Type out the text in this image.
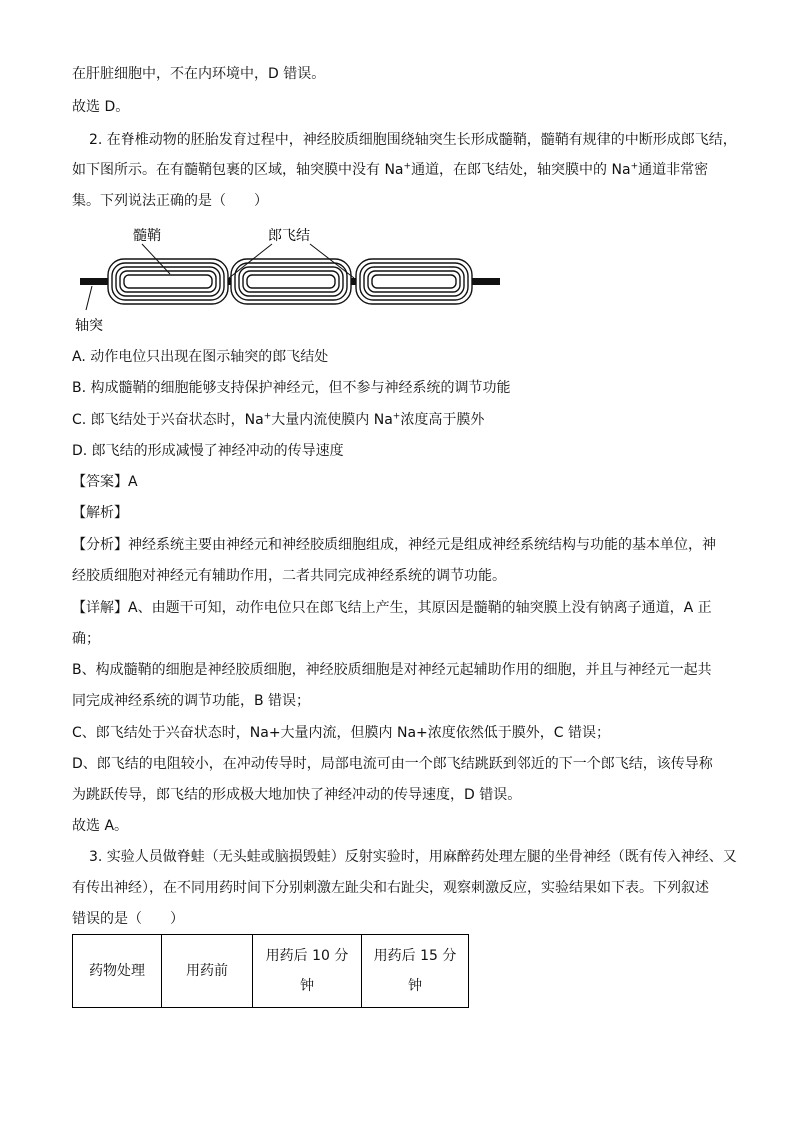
在肝脏细胞中，不在内环境中，D 错误。
故选 D。
2. 在脊椎动物的胚胎发育过程中，神经胶质细胞围绕轴突生长形成髓鞘，髓鞘有规律的中断形成郎飞结，
如下图所示。在有髓鞘包裹的区域，轴突膜中没有 Na+通道，在郎飞结处，轴突膜中的 Na+通道非常密
集。下列说法正确的是（　　）
髓鞘	郎飞结
轴突
A. 动作电位只出现在图示轴突的郎飞结处
B. 构成髓鞘的细胞能够支持保护神经元，但不参与神经系统的调节功能
C. 郎飞结处于兴奋状态时，Na+大量内流使膜内 Na+浓度高于膜外
D. 郎飞结的形成减慢了神经冲动的传导速度
【答案】A
【解析】
【分析】神经系统主要由神经元和神经胶质细胞组成，神经元是组成神经系统结构与功能的基本单位，神
经胶质细胞对神经元有辅助作用，二者共同完成神经系统的调节功能。
【详解】A、由题干可知，动作电位只在郎飞结上产生，其原因是髓鞘的轴突膜上没有钠离子通道，A 正
确；
B、构成髓鞘的细胞是神经胶质细胞，神经胶质细胞是对神经元起辅助作用的细胞，并且与神经元一起共
同完成神经系统的调节功能，B 错误；
C、郎飞结处于兴奋状态时，Na+大量内流，但膜内 Na+浓度依然低于膜外，C 错误；
D、郎飞结的电阻较小，在冲动传导时，局部电流可由一个郎飞结跳跃到邻近的下一个郎飞结，该传导称
为跳跃传导，郎飞结的形成极大地加快了神经冲动的传导速度，D 错误。
故选 A。
3. 实验人员做脊蛙（无头蛙或脑损毁蛙）反射实验时，用麻醉药处理左腿的坐骨神经（既有传入神经、又
有传出神经），在不同用药时间下分别刺激左趾尖和右趾尖，观察刺激反应，实验结果如下表。下列叙述
错误的是（　　）
药物处理	用药前	用药后 10 分
钟	用药后 15 分
钟
